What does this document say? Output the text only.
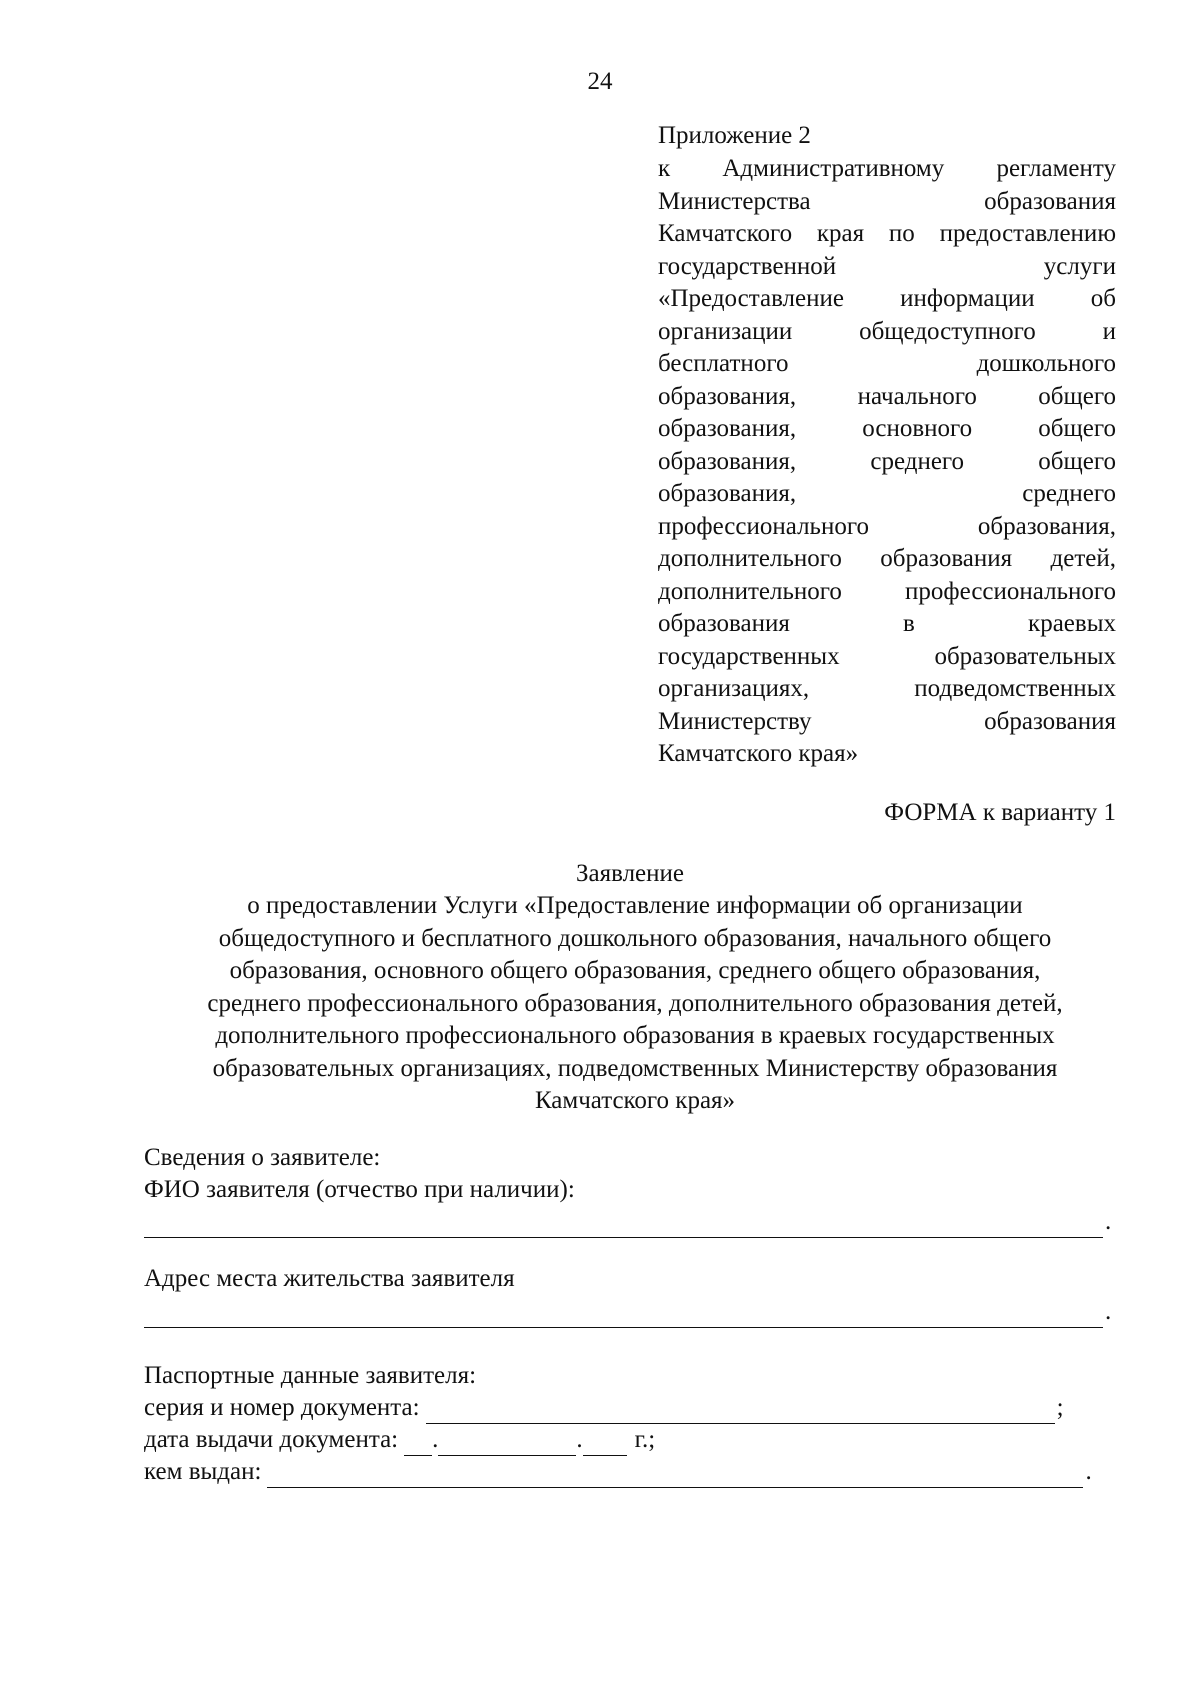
24
Приложение 2
к Административному регламенту
Министерства образования
Камчатского края по предоставлению
государственной услуги
«Предоставление информации об
организации общедоступного и
бесплатного дошкольного
образования, начального общего
образования, основного общего
образования, среднего общего
образования, среднего
профессионального образования,
дополнительного образования детей,
дополнительного профессионального
образования в краевых
государственных образовательных
организациях, подведомственных
Министерству образования
Камчатского края»
ФОРМА к варианту 1
Заявление
о предоставлении Услуги «Предоставление информации об организации
общедоступного и бесплатного дошкольного образования, начального общего
образования, основного общего образования, среднего общего образования,
среднего профессионального образования, дополнительного образования детей,
дополнительного профессионального образования в краевых государственных
образовательных организациях, подведомственных Министерству образования
Камчатского края»
Сведения о заявителе:
ФИО заявителя (отчество при наличии):
.
Адрес места жительства заявителя
.
Паспортные данные заявителя:
серия и номер документа:	;
дата выдачи документа: .	. г.;
кем выдан:	.
